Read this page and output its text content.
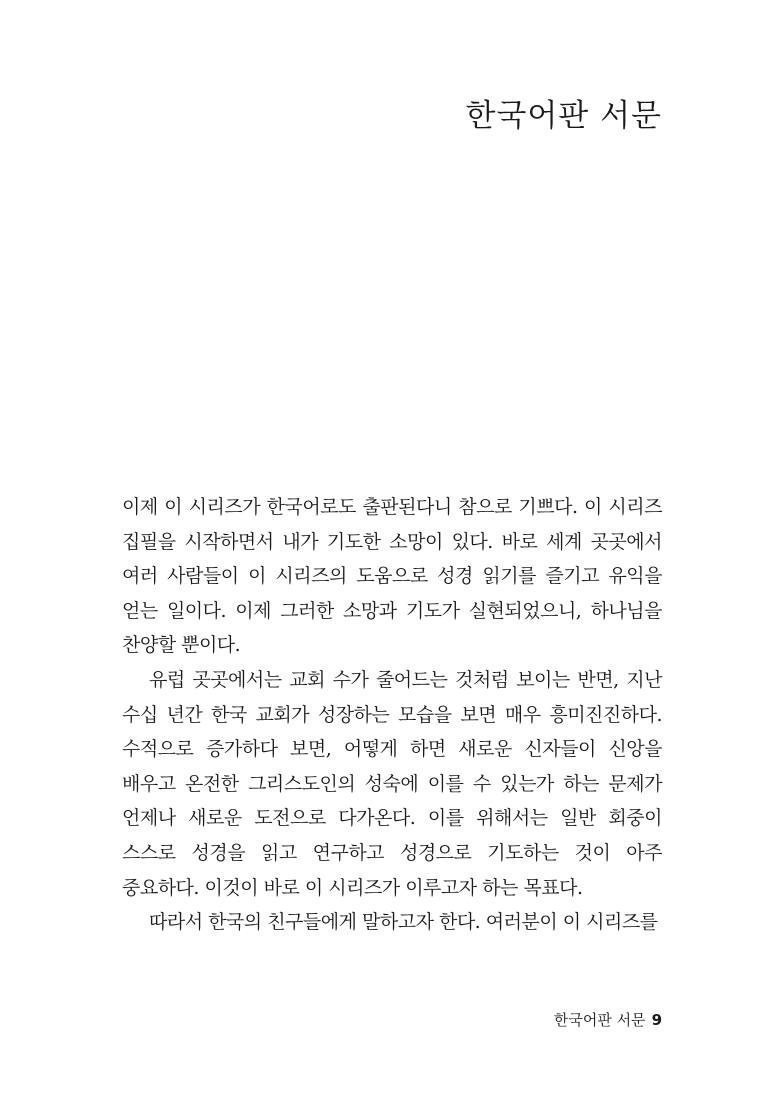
한국어판 서문

이제 이 시리즈가 한국어로도 출판된다니 참으로 기쁘다. 이 시리즈 집필을 시작하면서 내가 기도한 소망이 있다. 바로 세계 곳곳에서 여러 사람들이 이 시리즈의 도움으로 성경 읽기를 즐기고 유익을 얻는 일이다. 이제 그러한 소망과 기도가 실현되었으니, 하나님을 찬양할 뿐이다.

유럽 곳곳에서는 교회 수가 줄어드는 것처럼 보이는 반면, 지난 수십 년간 한국 교회가 성장하는 모습을 보면 매우 흥미진진하다. 수적으로 증가하다 보면, 어떻게 하면 새로운 신자들이 신앙을 배우고 온전한 그리스도인의 성숙에 이를 수 있는가 하는 문제가 언제나 새로운 도전으로 다가온다. 이를 위해서는 일반 회중이 스스로 성경을 읽고 연구하고 성경으로 기도하는 것이 아주 중요하다. 이것이 바로 이 시리즈가 이루고자 하는 목표다.

따라서 한국의 친구들에게 말하고자 한다. 여러분이 이 시리즈를

한국어판 서문 9
